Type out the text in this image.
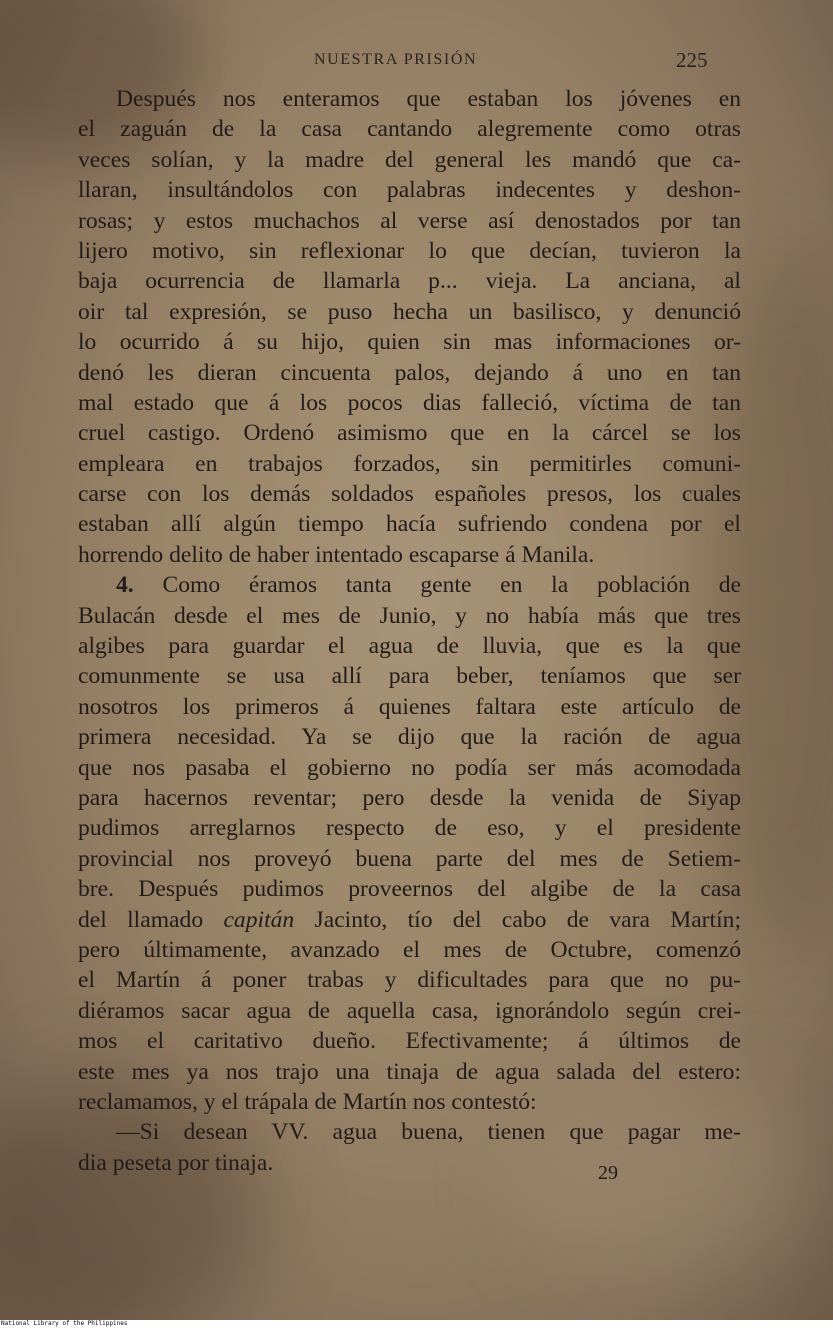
NUESTRA PRISIÓN	225
Después nos enteramos que estaban los jóvenes en
el zaguán de la casa cantando alegremente como otras
veces solían, y la madre del general les mandó que ca-
llaran, insultándolos con palabras indecentes y deshon-
rosas; y estos muchachos al verse así denostados por tan
lijero motivo, sin reflexionar lo que decían, tuvieron la
baja ocurrencia de llamarla p... vieja. La anciana, al
oir tal expresión, se puso hecha un basilisco, y denunció
lo ocurrido á su hijo, quien sin mas informaciones or-
denó les dieran cincuenta palos, dejando á uno en tan
mal estado que á los pocos dias falleció, víctima de tan
cruel castigo. Ordenó asimismo que en la cárcel se los
empleara en trabajos forzados, sin permitirles comuni-
carse con los demás soldados españoles presos, los cuales
estaban allí algún tiempo hacía sufriendo condena por el
horrendo delito de haber intentado escaparse á Manila.
4. Como éramos tanta gente en la población de
Bulacán desde el mes de Junio, y no había más que tres
algibes para guardar el agua de lluvia, que es la que
comunmente se usa allí para beber, teníamos que ser
nosotros los primeros á quienes faltara este artículo de
primera necesidad. Ya se dijo que la ración de agua
que nos pasaba el gobierno no podía ser más acomodada
para hacernos reventar; pero desde la venida de Siyap
pudimos arreglarnos respecto de eso, y el presidente
provincial nos proveyó buena parte del mes de Setiem-
bre. Después pudimos proveernos del algibe de la casa
del llamado capitán Jacinto, tío del cabo de vara Martín;
pero últimamente, avanzado el mes de Octubre, comenzó
el Martín á poner trabas y dificultades para que no pu-
diéramos sacar agua de aquella casa, ignorándolo según crei-
mos el caritativo dueño. Efectivamente; á últimos de
este mes ya nos trajo una tinaja de agua salada del estero:
reclamamos, y el trápala de Martín nos contestó:
—Si desean VV. agua buena, tienen que pagar me-
dia peseta por tinaja.	29
National Library of the Philippines
